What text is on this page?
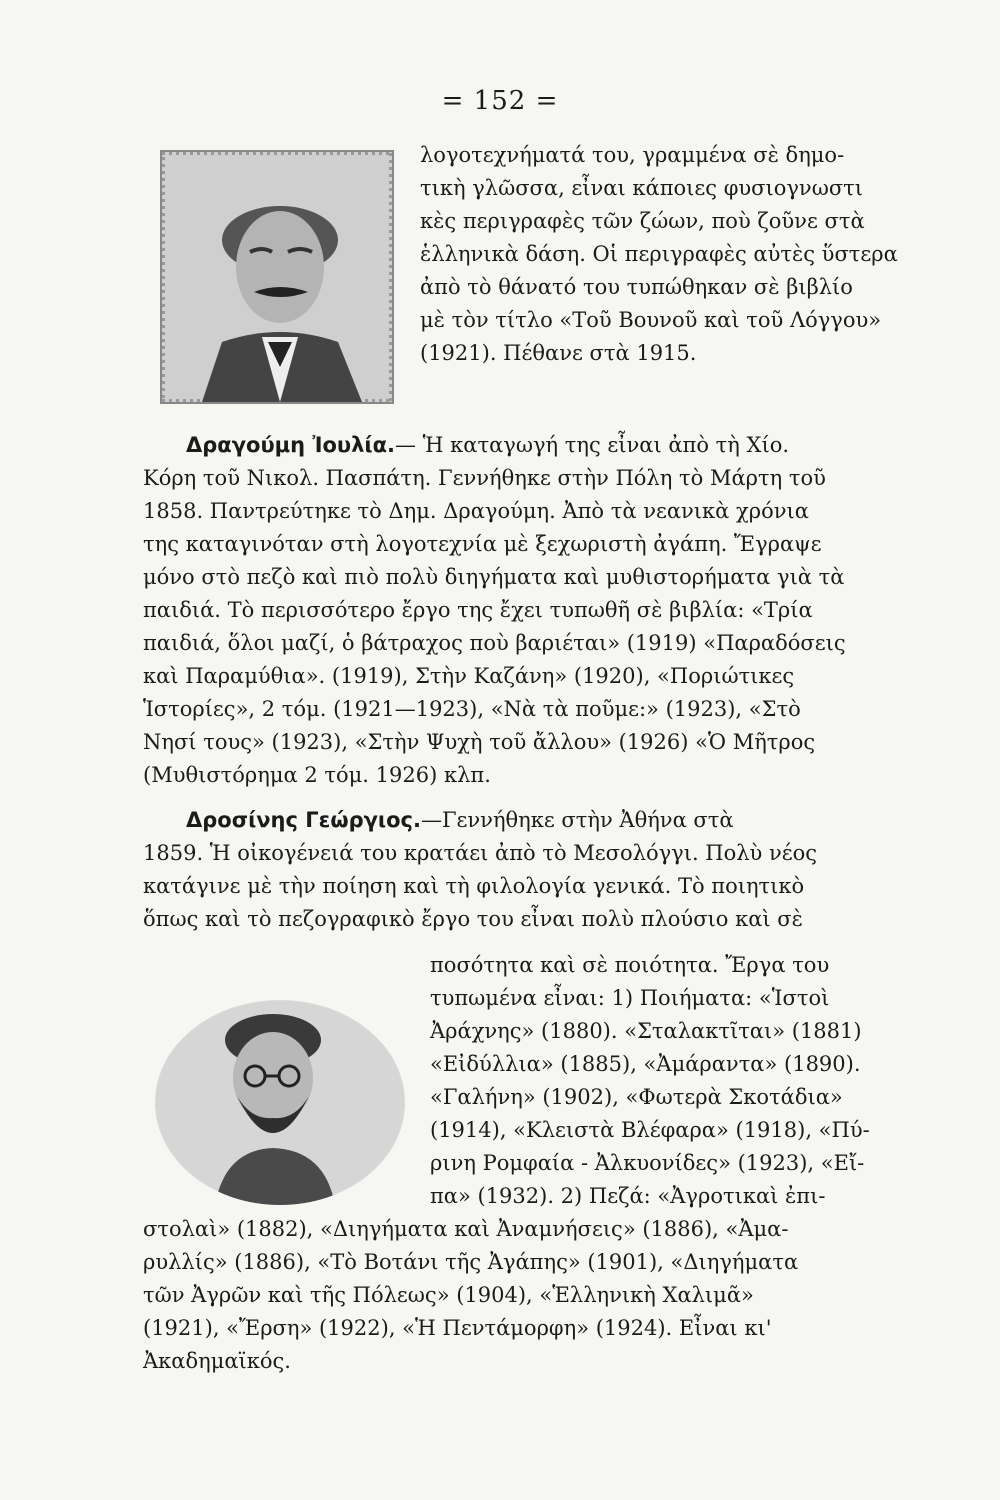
= 152 =
λογοτεχνήματά του, γραμμένα σὲ δημο-
τικὴ γλῶσσα, εἶναι κάποιες φυσιογνωστι
κὲς περιγραφὲς τῶν ζώων, ποὺ ζοῦνε στὰ
ἑλληνικὰ δάση. Οἱ περιγραφὲς αὐτὲς ὕστερα
ἀπὸ τὸ θάνατό του τυπώθηκαν σὲ βιβλίο
μὲ τὸν τίτλο «Τοῦ Βουνοῦ καὶ τοῦ Λόγγου»
(1921). Πέθανε στὰ 1915.
Δραγούμη Ἰουλία.— Ἡ καταγωγή της εἶναι ἀπὸ τὴ Χίο.
Κόρη τοῦ Νικολ. Πασπάτη. Γεννήθηκε στὴν Πόλη τὸ Μάρτη τοῦ
1858. Παντρεύτηκε τὸ Δημ. Δραγούμη. Ἀπὸ τὰ νεανικὰ χρόνια
της καταγινόταν στὴ λογοτεχνία μὲ ξεχωριστὴ ἀγάπη. Ἔγραψε
μόνο στὸ πεζὸ καὶ πιὸ πολὺ διηγήματα καὶ μυθιστορήματα γιὰ τὰ
παιδιά. Τὸ περισσότερο ἔργο της ἔχει τυπωθῆ σὲ βιβλία: «Τρία
παιδιά, ὅλοι μαζί, ὁ βάτραχος ποὺ βαριέται» (1919) «Παραδόσεις
καὶ Παραμύθια». (1919), Στὴν Καζάνη» (1920), «Πoριώτικες
Ἱστορίες», 2 τόμ. (1921—1923), «Νὰ τὰ ποῦμε:» (1923), «Στὸ
Νησί τους» (1923), «Στὴν Ψυχὴ τοῦ ἄλλου» (1926) «Ὁ Μῆτρος
(Μυθιστόρημα 2 τόμ. 1926) κλπ.
Δροσίνης Γεώργιος.—Γεννήθηκε στὴν Ἀθήνα στὰ
1859. Ἡ οἰκογένειά του κρατάει ἀπὸ τὸ Μεσολόγγι. Πολὺ νέος
κατάγινε μὲ τὴν ποίηση καὶ τὴ φιλολογία γενικά. Τὸ ποιητικὸ
ὅπως καὶ τὸ πεζογραφικὸ ἔργο του εἶναι πολὺ πλούσιο καὶ σὲ
ποσότητα καὶ σὲ ποιότητα. Ἔργα του
τυπωμένα εἶναι: 1) Ποιήματα: «Ἱστοὶ
Ἀράχνης» (1880). «Σταλακτῖται» (1881)
«Εἰδύλλια» (1885), «Ἀμάραντα» (1890).
«Γαλήνη» (1902), «Φωτερὰ Σκοτάδια»
(1914), «Κλειστὰ Βλέφαρα» (1918), «Πύ-
ρινη Ρομφαία - Ἀλκυονίδες» (1923), «Εἴ-
πα» (1932). 2) Πεζά: «Ἀγροτικαὶ ἐπι-
στολαὶ» (1882), «Διηγήματα καὶ Ἀναμνήσεις» (1886), «Ἀμα-
ρυλλίς» (1886), «Τὸ Βοτάνι τῆς Ἀγάπης» (1901), «Διηγήματα
τῶν Ἀγρῶν καὶ τῆς Πόλεως» (1904), «Ἑλληνικὴ Χαλιμᾶ»
(1921), «Ἔρση» (1922), «Ἡ Πεντάμορφη» (1924). Εἶναι κι'
Ἀκαδημαϊκός.
